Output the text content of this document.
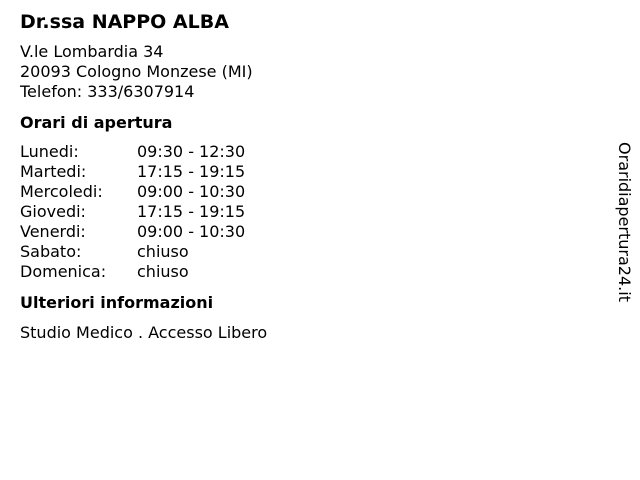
Dr.ssa NAPPO ALBA
V.le Lombardia 34
20093 Cologno Monzese (MI)
Telefon: 333/6307914
Orari di apertura
Lunedi:	09:30 - 12:30
Martedi:	17:15 - 19:15
Mercoledi:	09:00 - 10:30
Giovedi:	17:15 - 19:15
Venerdi:	09:00 - 10:30
Sabato:	chiuso
Domenica:	chiuso
Ulteriori informazioni
Studio Medico . Accesso Libero
Oraridiapertura24.it
